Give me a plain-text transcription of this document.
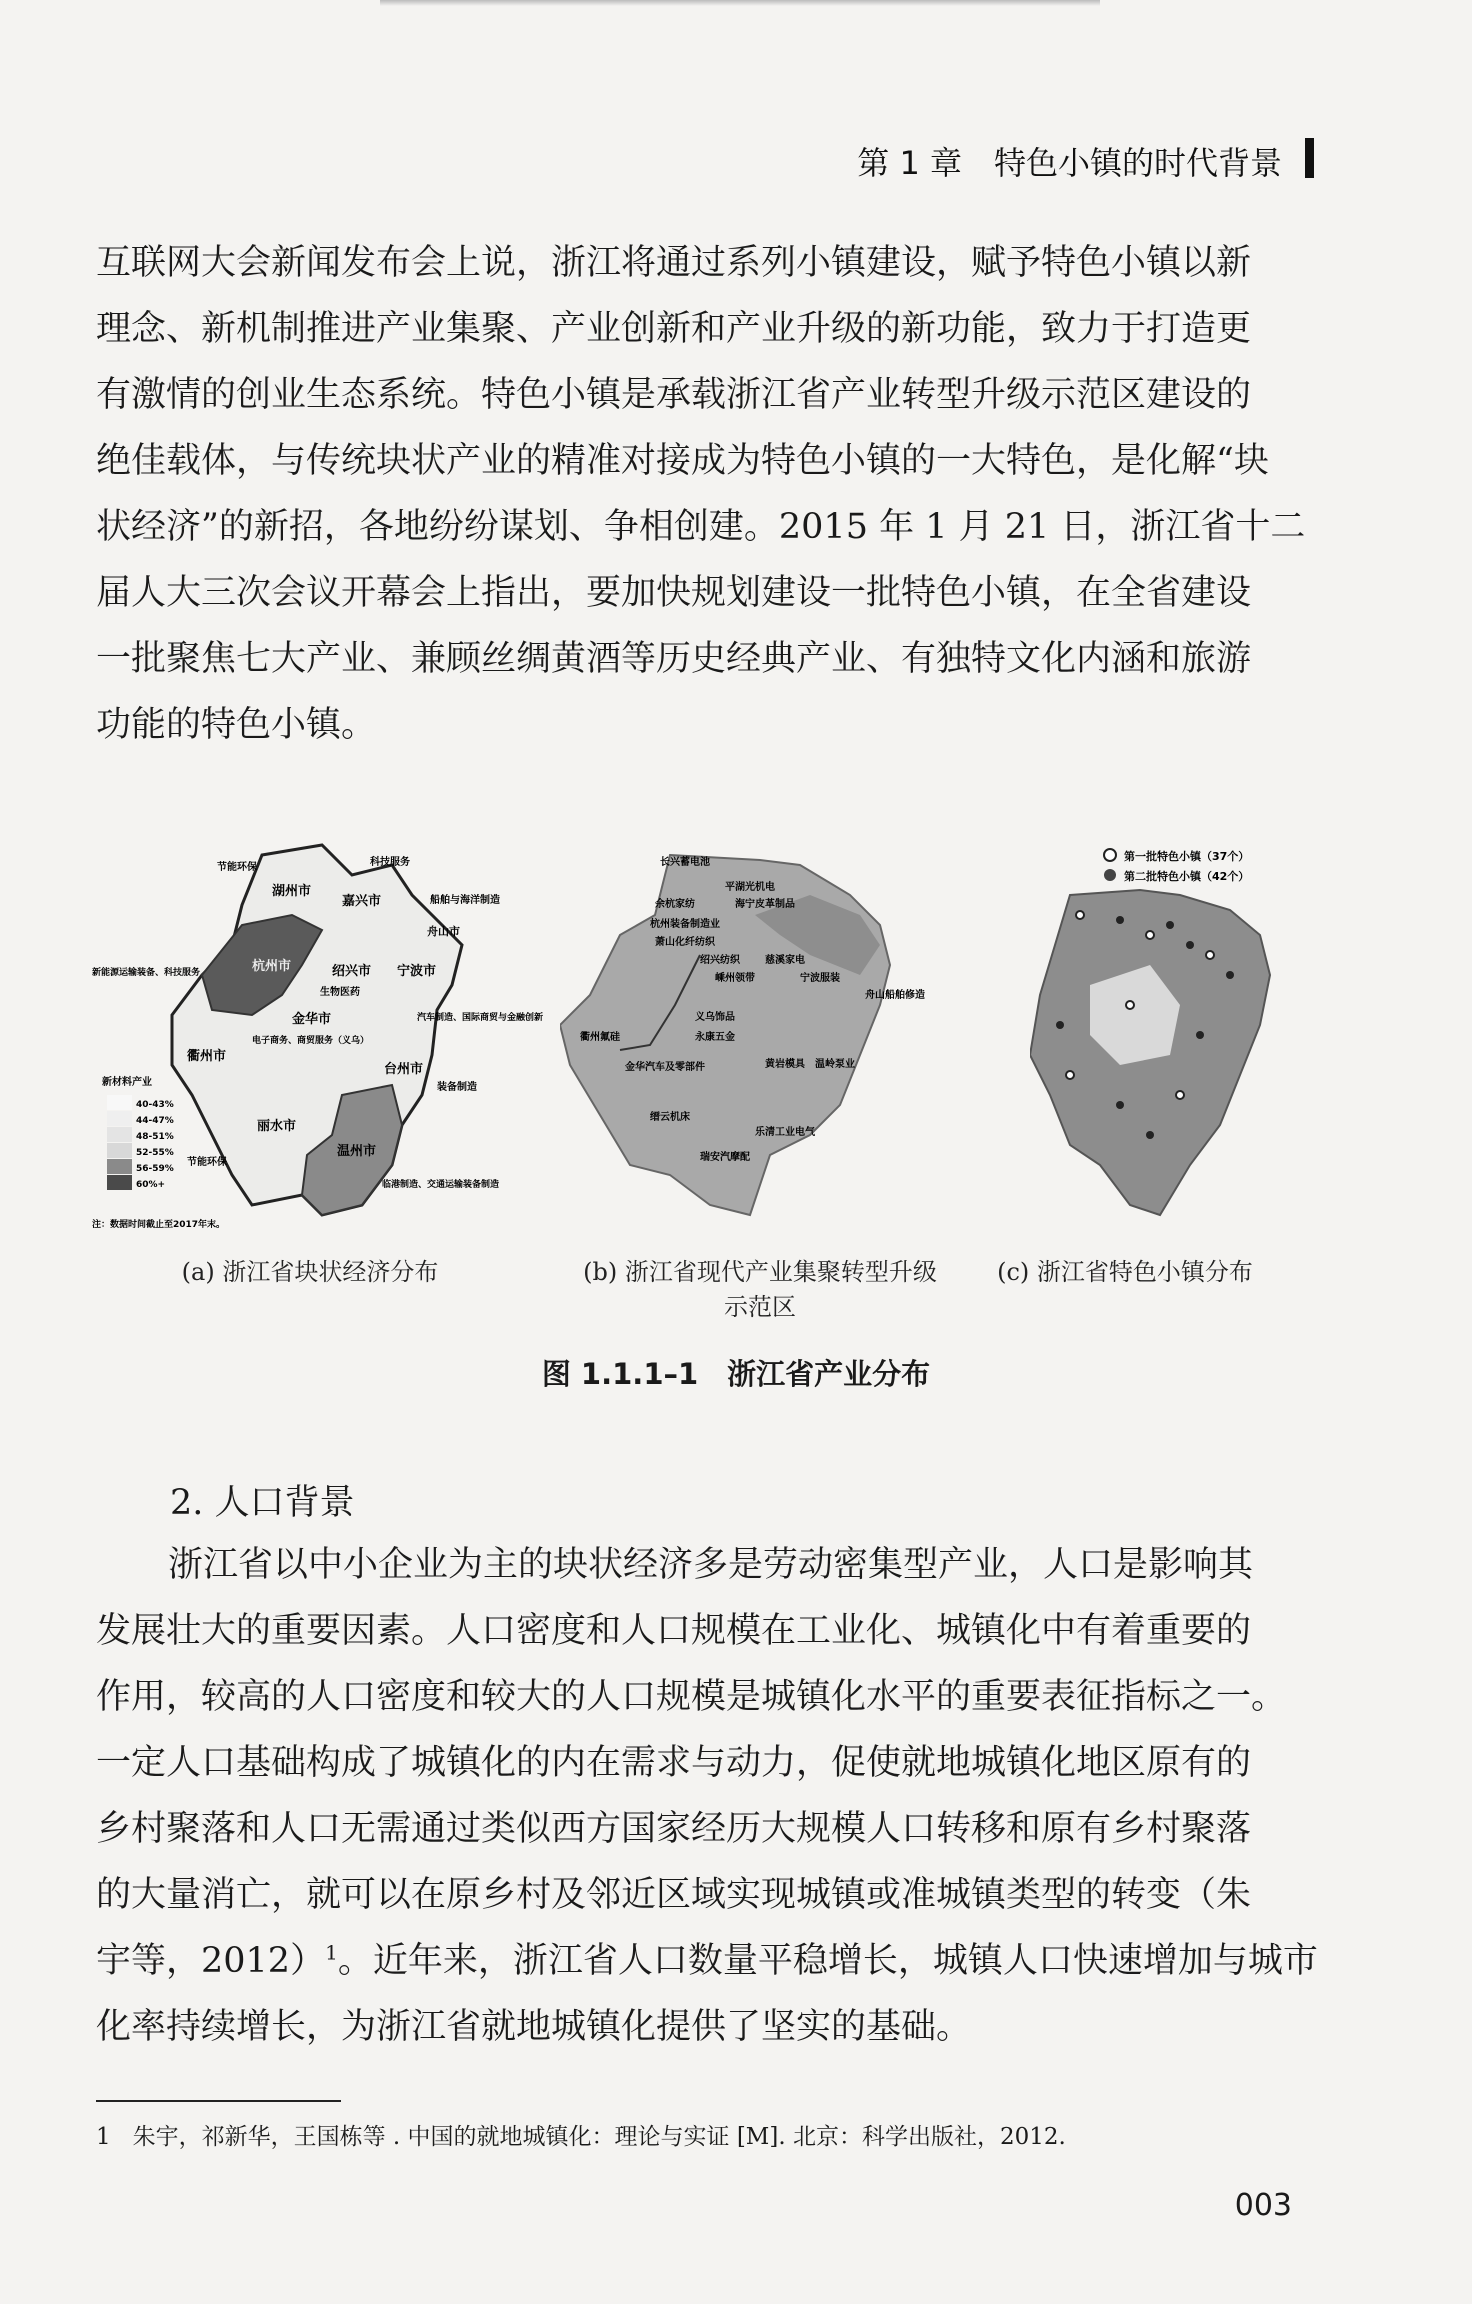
第 1 章　特色小镇的时代背景

互联网大会新闻发布会上说，浙江将通过系列小镇建设，赋予特色小镇以新

理念、新机制推进产业集聚、产业创新和产业升级的新功能，致力于打造更

有激情的创业生态系统。特色小镇是承载浙江省产业转型升级示范区建设的

绝佳载体，与传统块状产业的精准对接成为特色小镇的一大特色，是化解“块

状经济”的新招，各地纷纷谋划、争相创建。2015 年 1 月 21 日，浙江省十二

届人大三次会议开幕会上指出，要加快规划建设一批特色小镇，在全省建设

一批聚焦七大产业、兼顾丝绸黄酒等历史经典产业、有独特文化内涵和旅游

功能的特色小镇。

湖州市
嘉兴市
杭州市	绍兴市 宁波市
舟山市
金华市
衢州市
台州市
丽水市
温州市
节能环保	科技服务
船舶与海洋制造
新能源运输装备、科技服务
生物医药
电子商务、商贸服务（义乌）
汽车制造、国际商贸与金融创新
装备制造
新材料产业
节能环保
临港制造、交通运输装备制造
40-43%
44-47%
48-51%
52-55%
56-59%
60%+
注：数据时间截止至2017年末。
长兴蓄电池
平湖光机电
余杭家纺	海宁皮革制品
杭州装备制造业
萧山化纤纺织
绍兴纺织	慈溪家电
嵊州领带	宁波服装
舟山船舶修造
义乌饰品
衢州氟硅	永康五金
金华汽车及零部件	黄岩模具 温岭泵业
缙云机床
乐清工业电气
瑞安汽摩配
第一批特色小镇（37个）
第二批特色小镇（42个）
(a) 浙江省块状经济分布	(b) 浙江省现代产业集聚转型升级
示范区
(c) 浙江省特色小镇分布
图 1.1.1–1　浙江省产业分布
2. 人口背景

浙江省以中小企业为主的块状经济多是劳动密集型产业，人口是影响其

发展壮大的重要因素。人口密度和人口规模在工业化、城镇化中有着重要的

作用，较高的人口密度和较大的人口规模是城镇化水平的重要表征指标之一。

一定人口基础构成了城镇化的内在需求与动力，促使就地城镇化地区原有的

乡村聚落和人口无需通过类似西方国家经历大规模人口转移和原有乡村聚落

的大量消亡，就可以在原乡村及邻近区域实现城镇或准城镇类型的转变（朱

宇等，2012）$^1$。近年来，浙江省人口数量平稳增长，城镇人口快速增加与城市

化率持续增长，为浙江省就地城镇化提供了坚实的基础。

1 朱宇，祁新华，王国栋等 . 中国的就地城镇化：理论与实证 [M]. 北京：科学出版社，2012.
003
